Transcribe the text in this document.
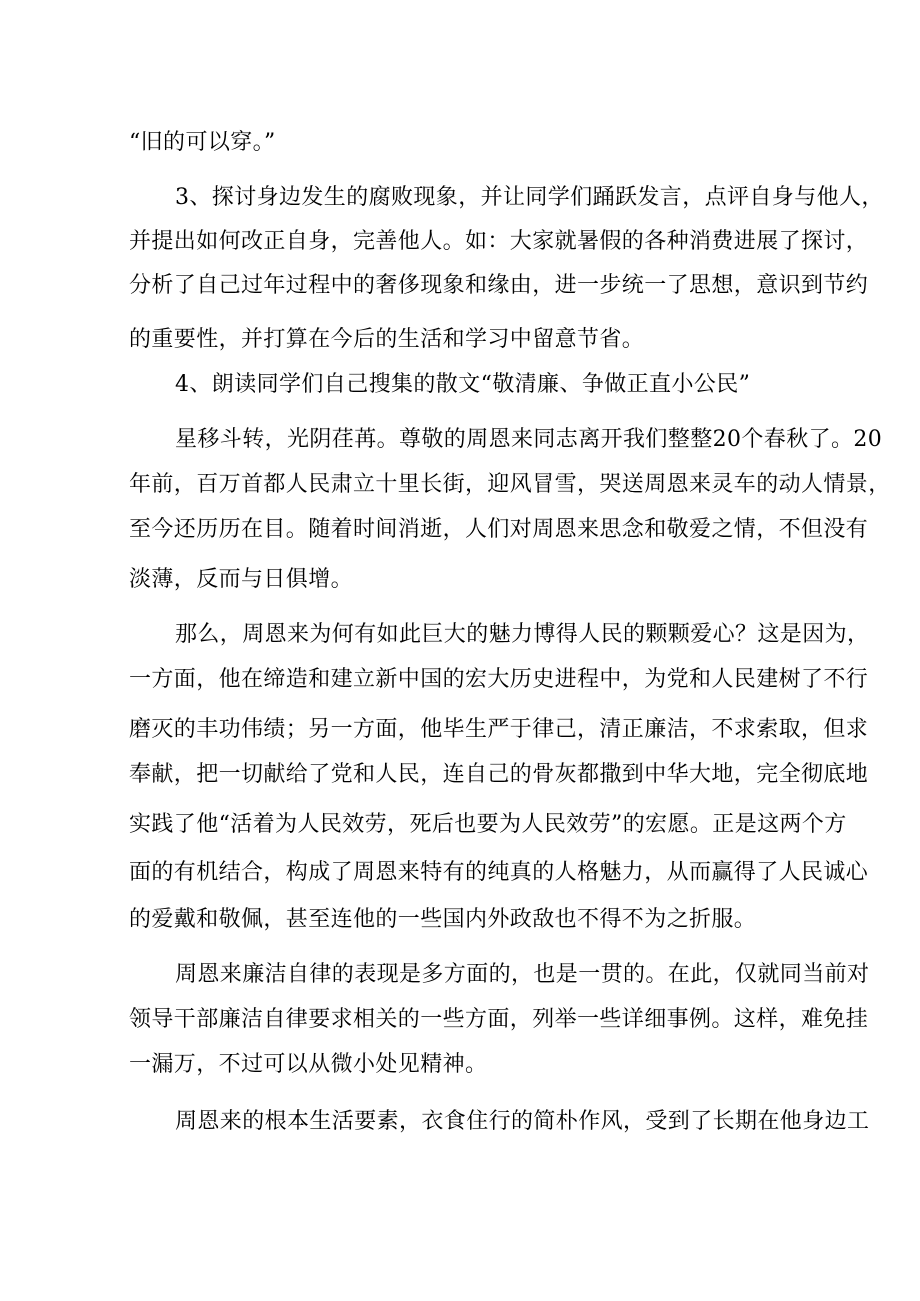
“旧的可以穿。”
3、探讨身边发生的腐败现象，并让同学们踊跃发言，点评自身与他人，
并提出如何改正自身，完善他人。如：大家就暑假的各种消费进展了探讨，
分析了自己过年过程中的奢侈现象和缘由，进一步统一了思想，意识到节约
的重要性，并打算在今后的生活和学习中留意节省。
4、朗读同学们自己搜集的散文“敬清廉、争做正直小公民”
星移斗转，光阴荏苒。尊敬的周恩来同志离开我们整整20个春秋了。20
年前，百万首都人民肃立十里长街，迎风冒雪，哭送周恩来灵车的动人情景，
至今还历历在目。随着时间消逝，人们对周恩来思念和敬爱之情，不但没有
淡薄，反而与日俱增。
那么，周恩来为何有如此巨大的魅力博得人民的颗颗爱心？这是因为，
一方面，他在缔造和建立新中国的宏大历史进程中，为党和人民建树了不行
磨灭的丰功伟绩；另一方面，他毕生严于律己，清正廉洁，不求索取，但求
奉献，把一切献给了党和人民，连自己的骨灰都撒到中华大地，完全彻底地
实践了他“活着为人民效劳，死后也要为人民效劳”的宏愿。正是这两个方
面的有机结合，构成了周恩来特有的纯真的人格魅力，从而赢得了人民诚心
的爱戴和敬佩，甚至连他的一些国内外政敌也不得不为之折服。
周恩来廉洁自律的表现是多方面的，也是一贯的。在此，仅就同当前对
领导干部廉洁自律要求相关的一些方面，列举一些详细事例。这样，难免挂
一漏万，不过可以从微小处见精神。
周恩来的根本生活要素，衣食住行的简朴作风，受到了长期在他身边工
